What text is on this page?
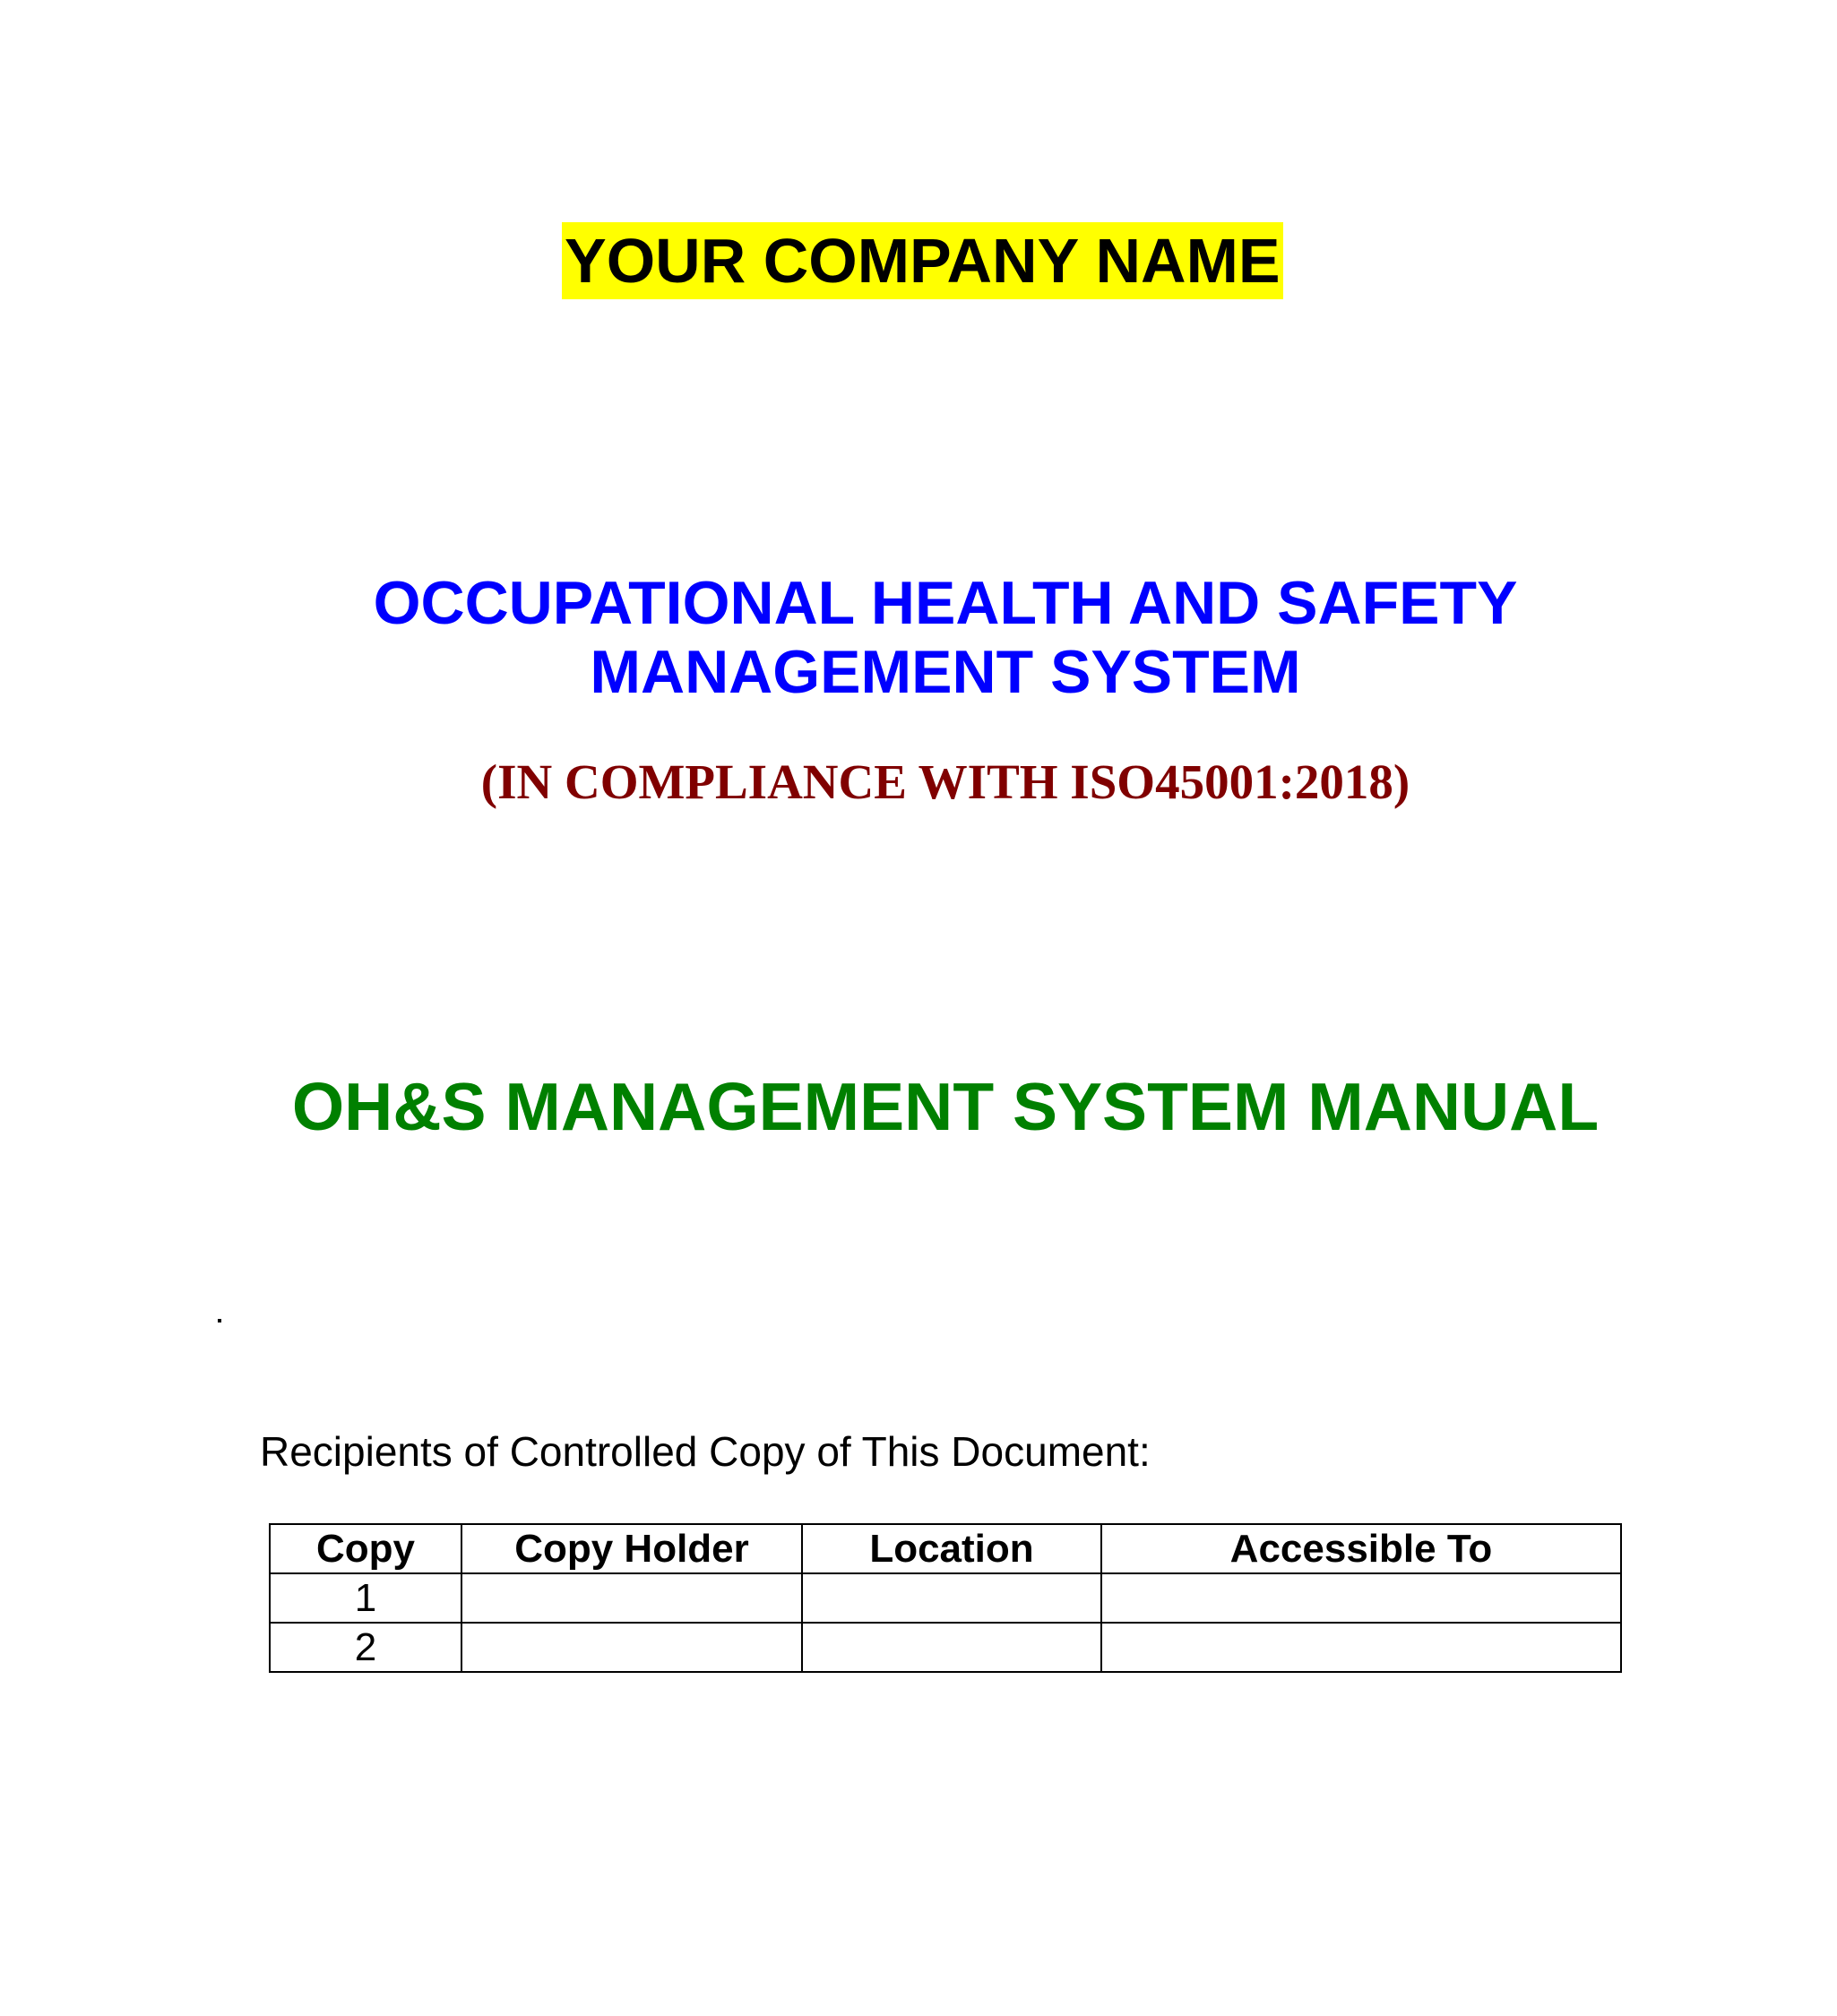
YOUR COMPANY NAME
OCCUPATIONAL HEALTH AND SAFETY
MANAGEMENT SYSTEM
(IN COMPLIANCE WITH ISO45001:2018)
OH&S MANAGEMENT SYSTEM MANUAL
Recipients of Controlled Copy of This Document:
Copy	Copy Holder	Location	Accessible To
1			
2			
